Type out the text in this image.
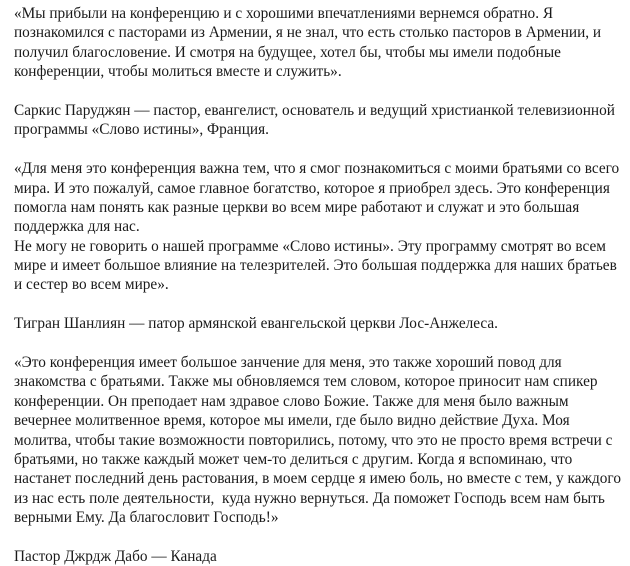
«Мы прибыли на конференцию и с хорошими впечатлениями вернемся обратно. Я
познакомился с пасторами из Армении, я не знал, что есть столько пасторов в Армении, и
получил благословение. И смотря на будущее, хотел бы, чтобы мы имели подобные
конференции, чтобы молиться вместе и служить».
Саркис Паруджян — пастор, евангелист, основатель и ведущий христианкой телевизионной
программы «Слово истины», Франция.
«Для меня это конференция важна тем, что я смог познакомиться с моими братьями со всего
мира. И это пожалуй, самое главное богатство, которое я приобрел здесь. Это конференция
помогла нам понять как разные церкви во всем мире работают и служат и это большая
поддержка для нас.
Не могу не говорить о нашей программе «Слово истины». Эту программу смотрят во всем
мире и имеет большое влияние на телезрителей. Это большая поддержка для наших братьев
и сестер во всем мире».
Тигран Шанлиян — патор армянской евангельской церкви Лос-Анжелеса.
«Это конференция имеет большое занчение для меня, это также хороший повод для
знакомства с братьями. Также мы обновляемся тем словом, которое приносит нам спикер
конференции. Он преподает нам здравое слово Божие. Также для меня было важным
вечернее молитвенное время, которое мы имели, где было видно действие Духа. Моя
молитва, чтобы такие возможности повторились, потому, что это не просто время встречи с
братьями, но также каждый может чем-то делиться с другим. Когда я вспоминаю, что
настанет последний день растования, в моем сердце я имею боль, но вместе с тем, у каждого
из нас есть поле деятельности,  куда нужно вернуться. Да поможет Господь всем нам быть
верными Ему. Да благословит Господь!»
Пастор Джрдж Дабо — Канада
